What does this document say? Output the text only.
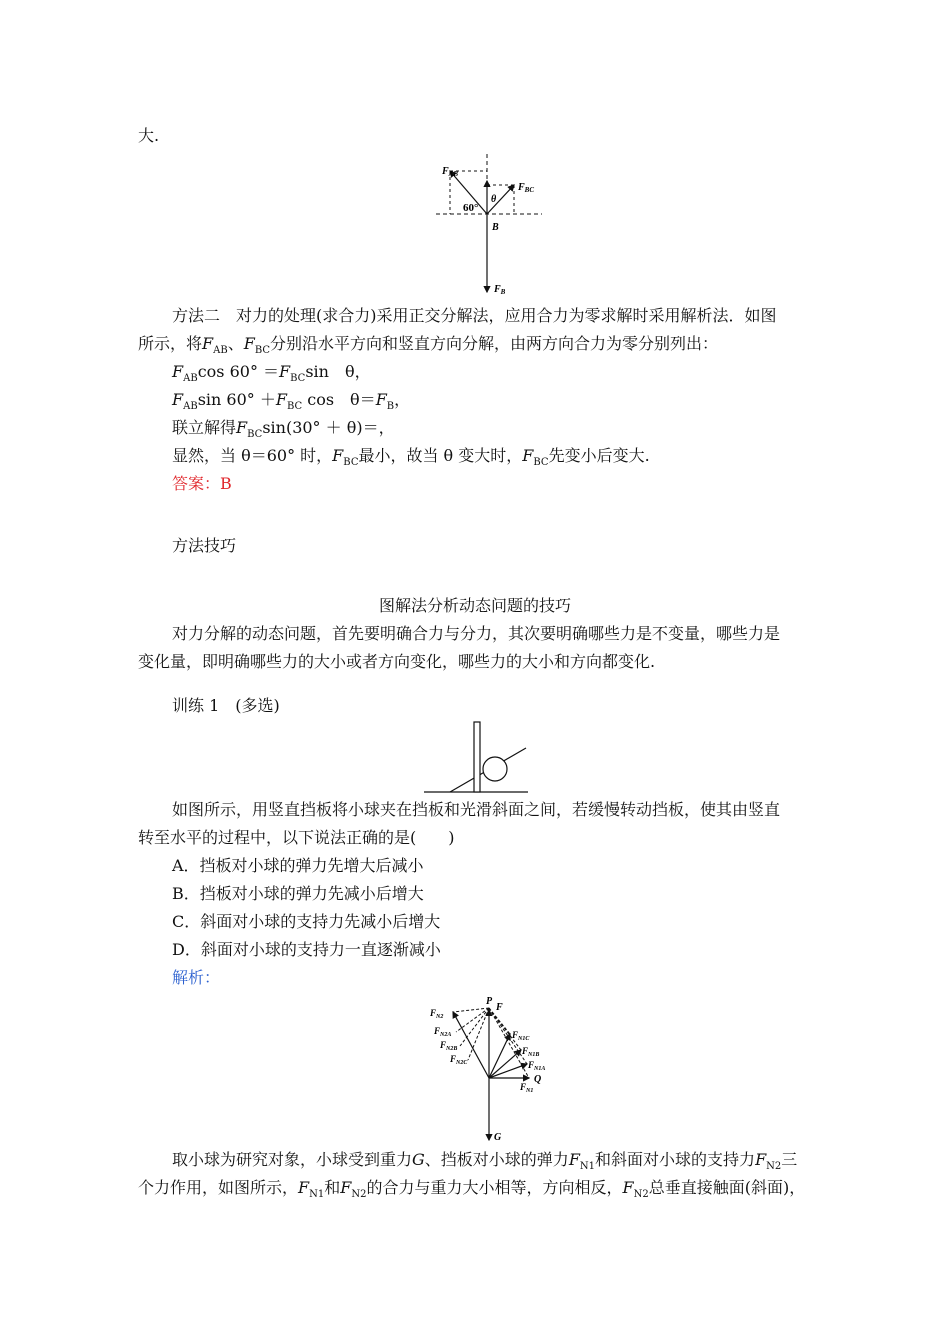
大.
$F_{AB}$
$F_{BC}$
θ
60°
B
$F_B$
方法二　对力的处理(求合力)采用正交分解法，应用合力为零求解时采用解析法．如图
所示，将$F_{AB}$、$F_{BC}$分别沿水平方向和竖直方向分解，由两方向合力为零分别列出：
$F_{AB}\cos$ $60^\circ =F_{BC}\sin$　θ，
$F_{AB}\sin$ $60^\circ +F_{BC}$ cos　$\theta=F_B$，
联立解得$F_{BC}\sin(30^\circ + \theta)=$，
显然，当 θ＝60° 时，$F_{BC}$最小，故当 θ 变大时，$F_{BC}$先变小后变大.
答案：B
方法技巧
图解法分析动态问题的技巧
对力分解的动态问题，首先要明确合力与分力，其次要明确哪些力是不变量，哪些力是
变化量，即明确哪些力的大小或者方向变化，哪些力的大小和方向都变化.
训练 1　(多选)
如图所示，用竖直挡板将小球夹在挡板和光滑斜面之间，若缓慢转动挡板，使其由竖直
转至水平的过程中，以下说法正确的是(　　)
A．挡板对小球的弹力先增大后减小
B．挡板对小球的弹力先减小后增大
C．斜面对小球的支持力先减小后增大
D．斜面对小球的支持力一直逐渐减小
解析：
$F_{N2}$
$F_{N2A}$
$F_{N2B}$
$F_{N2C}$
P
F
$F_{N1C}$
$F_{N1B}$
$F_{N1A}$
Q
$F_{N1}$
G
取小球为研究对象，小球受到重力G、挡板对小球的弹力$F_{N1}$和斜面对小球的支持力$F_{N2}$三
个力作用，如图所示，$F_{N1}$和$F_{N2}$的合力与重力大小相等，方向相反，$F_{N2}$总垂直接触面(斜面)，
